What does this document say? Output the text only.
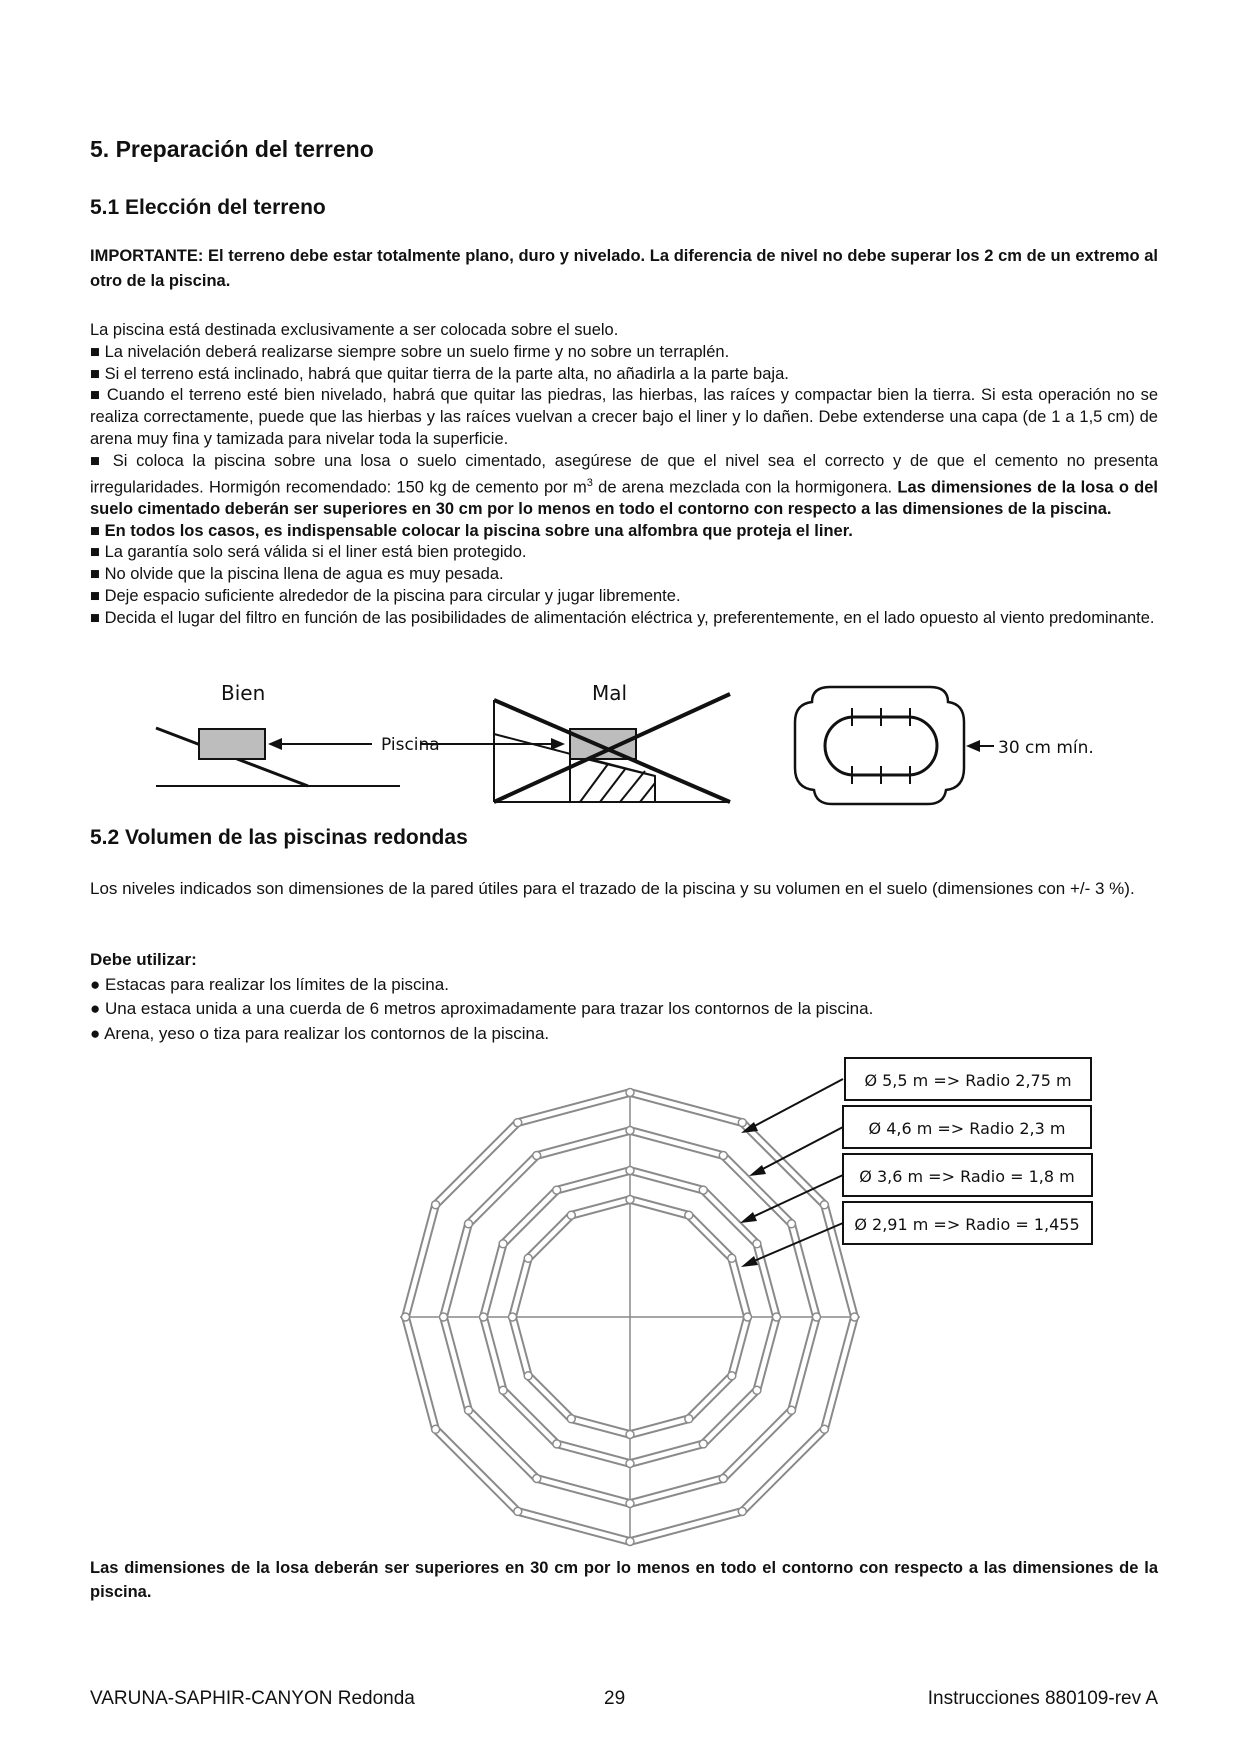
5. Preparación del terreno
5.1 Elección del terreno
IMPORTANTE: El terreno debe estar totalmente plano, duro y nivelado. La diferencia de nivel no debe superar los 2 cm de un extremo al otro de la piscina.

La piscina está destinada exclusivamente a ser colocada sobre el suelo.

■ La nivelación deberá realizarse siempre sobre un suelo firme y no sobre un terraplén.

■ Si el terreno está inclinado, habrá que quitar tierra de la parte alta, no añadirla a la parte baja.

■ Cuando el terreno esté bien nivelado, habrá que quitar las piedras, las hierbas, las raíces y compactar bien la tierra. Si esta operación no se realiza correctamente, puede que las hierbas y las raíces vuelvan a crecer bajo el liner y lo dañen. Debe extenderse una capa (de 1 a 1,5 cm) de arena muy fina y tamizada para nivelar toda la superficie.

■ Si coloca la piscina sobre una losa o suelo cimentado, asegúrese de que el nivel sea el correcto y de que el cemento no presenta irregularidades. Hormigón recomendado: 150 kg de cemento por $m^3$ de arena mezclada con la hormigonera. Las dimensiones de la losa o del suelo cimentado deberán ser superiores en 30 cm por lo menos en todo el contorno con respecto a las dimensiones de la piscina.

■ En todos los casos, es indispensable colocar la piscina sobre una alfombra que proteja el liner.

■ La garantía solo será válida si el liner está bien protegido.

■ No olvide que la piscina llena de agua es muy pesada.

■ Deje espacio suficiente alrededor de la piscina para circular y jugar libremente.

■ Decida el lugar del filtro en función de las posibilidades de alimentación eléctrica y, preferentemente, en el lado opuesto al viento predominante.

Bien
Piscina
Mal
30 cm mín.
5.2 Volumen de las piscinas redondas
Los niveles indicados son dimensiones de la pared útiles para el trazado de la piscina y su volumen en el suelo (dimensiones con +/- 3 %).

Debe utilizar:

● Estacas para realizar los límites de la piscina.

● Una estaca unida a una cuerda de 6 metros aproximadamente para trazar los contornos de la piscina.

● Arena, yeso o tiza para realizar los contornos de la piscina.

Ø 5,5 m => Radio 2,75 m
Ø 4,6 m => Radio 2,3 m
Ø 3,6 m => Radio = 1,8 m
Ø 2,91 m => Radio = 1,455
Las dimensiones de la losa deberán ser superiores en 30 cm por lo menos en todo el contorno con respecto a las dimensiones de la piscina.
VARUNA-SAPHIR-CANYON Redonda	29	Instrucciones 880109-rev A
